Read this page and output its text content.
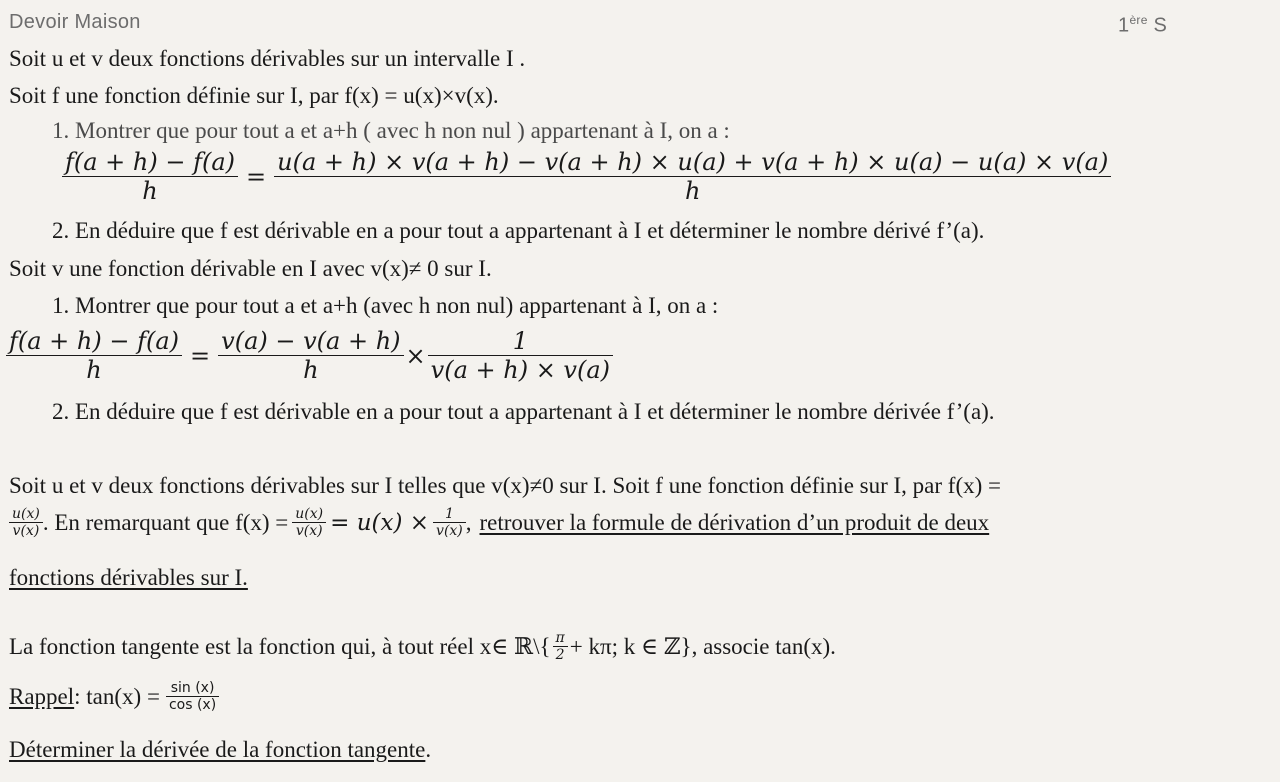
Devoir Maison	1ère S
Soit u et v deux fonctions dérivables sur un intervalle I .
Soit f une fonction définie sur I, par f(x) = u(x)×v(x).
1. Montrer que pour tout a et a+h ( avec h non nul ) appartenant à I, on a :
$\frac{f(a + h) - f(a)}{h}$ =
u(a + h) × v(a + h) − v(a + h) × u(a) + v(a + h) × u(a) − u(a) × v(a)
h
2. En déduire que f est dérivable en a pour tout a appartenant à I et déterminer le nombre dérivé f’(a).
Soit v une fonction dérivable en I avec v(x)≠ 0 sur I.
1. Montrer que pour tout a et a+h (avec h non nul) appartenant à I, on a :
$\frac{f(a + h) - f(a)}{h} = \frac{v(a) - v(a + h)}{h} \times \frac{1}{v(a + h) \times v(a)}$
2. En déduire que f est dérivable en a pour tout a appartenant à I et déterminer le nombre dérivée f’(a).
Soit u et v deux fonctions dérivables sur I telles que v(x)≠0 sur I. Soit f une fonction définie sur I, par f(x) =
$\frac{u(x)}{v(x)}$ . En remarquant que $f(x) = \frac{u(x)}{v(x)} = u(x) \times \frac{1}{v(x)}$ , retrouver la formule de dérivation d’un produit de deux
fonctions dérivables sur I.
La fonction tangente est la fonction qui, à tout réel x∈ ℝ\{ $\frac{\pi}{2} + k\pi$; k ∈ ℤ}, associe tan(x).
Rappel : $\tan(x) = \frac{\sin (x)}{\cos (x)}$
Déterminer la dérivée de la fonction tangente.
